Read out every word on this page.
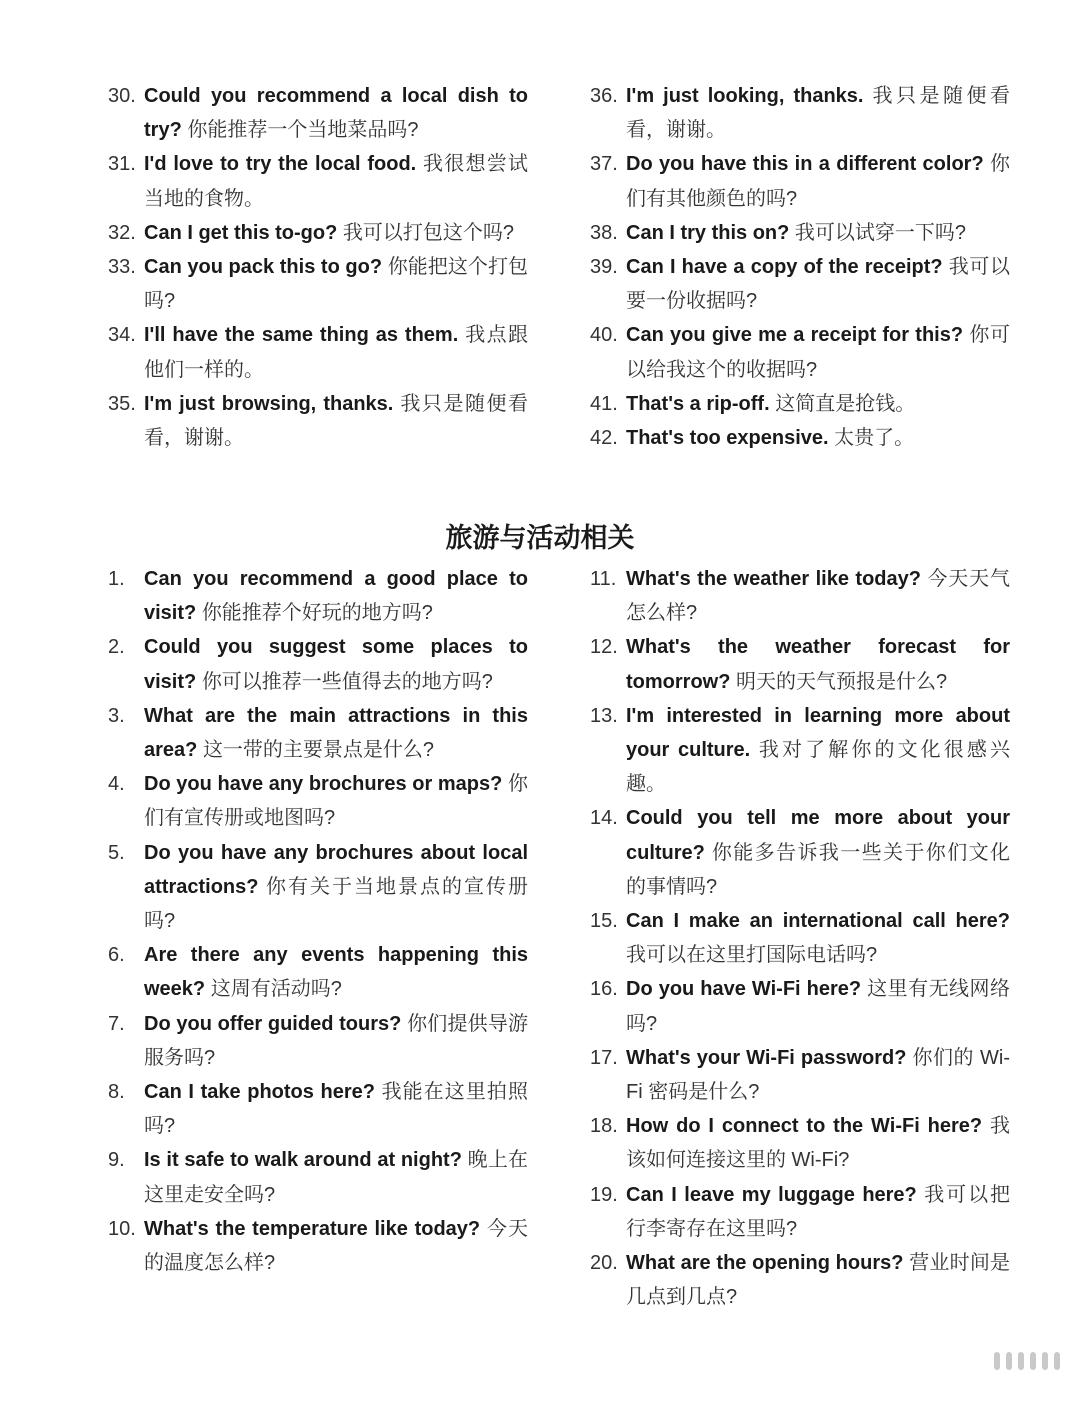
30. Could you recommend a local dish to try? 你能推荐一个当地菜品吗?
31. I'd love to try the local food. 我很想尝试当地的食物。
32. Can I get this to-go? 我可以打包这个吗?
33. Can you pack this to go? 你能把这个打包吗?
34. I'll have the same thing as them. 我点跟他们一样的。
35. I'm just browsing, thanks. 我只是随便看看，谢谢。
36. I'm just looking, thanks. 我只是随便看看，谢谢。
37. Do you have this in a different color? 你们有其他颜色的吗?
38. Can I try this on? 我可以试穿一下吗?
39. Can I have a copy of the receipt? 我可以要一份收据吗?
40. Can you give me a receipt for this? 你可以给我这个的收据吗?
41. That's a rip-off. 这简直是抢钱。
42. That's too expensive. 太贵了。
旅游与活动相关
1. Can you recommend a good place to visit? 你能推荐个好玩的地方吗?
2. Could you suggest some places to visit? 你可以推荐一些值得去的地方吗?
3. What are the main attractions in this area? 这一带的主要景点是什么?
4. Do you have any brochures or maps? 你们有宣传册或地图吗?
5. Do you have any brochures about local attractions? 你有关于当地景点的宣传册吗?
6. Are there any events happening this week? 这周有活动吗?
7. Do you offer guided tours? 你们提供导游服务吗?
8. Can I take photos here? 我能在这里拍照吗?
9. Is it safe to walk around at night? 晚上在这里走安全吗?
10. What's the temperature like today? 今天的温度怎么样?
11. What's the weather like today? 今天天气怎么样?
12. What's the weather forecast for tomorrow? 明天的天气预报是什么?
13. I'm interested in learning more about your culture. 我对了解你的文化很感兴趣。
14. Could you tell me more about your culture? 你能多告诉我一些关于你们文化的事情吗?
15. Can I make an international call here? 我可以在这里打国际电话吗?
16. Do you have Wi-Fi here? 这里有无线网络吗?
17. What's your Wi-Fi password? 你们的 Wi-Fi 密码是什么?
18. How do I connect to the Wi-Fi here? 我该如何连接这里的 Wi-Fi?
19. Can I leave my luggage here? 我可以把行李寄存在这里吗?
20. What are the opening hours? 营业时间是几点到几点?
